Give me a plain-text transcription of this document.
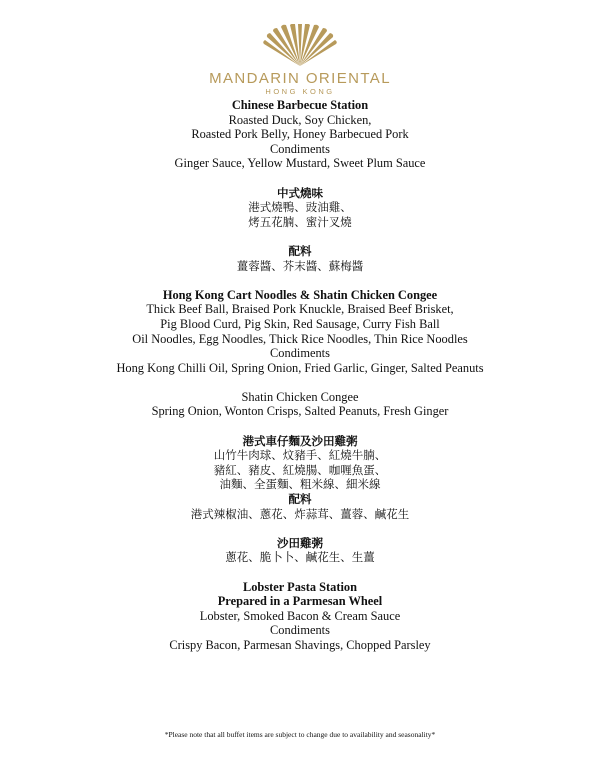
MANDARIN ORIENTAL
HONG KONG
Chinese Barbecue Station
Roasted Duck, Soy Chicken,
Roasted Pork Belly, Honey Barbecued Pork
Condiments
Ginger Sauce, Yellow Mustard, Sweet Plum Sauce
中式燒味
港式燒鴨、豉油雞、
烤五花腩、蜜汁叉燒
配料
薑蓉醬、芥末醬、蘇梅醬
Hong Kong Cart Noodles & Shatin Chicken Congee
Thick Beef Ball, Braised Pork Knuckle, Braised Beef Brisket,
Pig Blood Curd, Pig Skin, Red Sausage, Curry Fish Ball
Oil Noodles, Egg Noodles, Thick Rice Noodles, Thin Rice Noodles
Condiments
Hong Kong Chilli Oil, Spring Onion, Fried Garlic, Ginger, Salted Peanuts
Shatin Chicken Congee
Spring Onion, Wonton Crisps, Salted Peanuts, Fresh Ginger
港式車仔麵及沙田雞粥
山竹牛肉球、炆豬手、紅燒牛腩、
豬紅、豬皮、紅燒腸、咖喱魚蛋、
油麵、全蛋麵、粗米線、細米線
配料
港式辣椒油、蔥花、炸蒜茸、薑蓉、鹹花生
沙田雞粥
蔥花、脆卜卜、鹹花生、生薑
Lobster Pasta Station
Prepared in a Parmesan Wheel
Lobster, Smoked Bacon & Cream Sauce
Condiments
Crispy Bacon, Parmesan Shavings, Chopped Parsley
*Please note that all buffet items are subject to change due to availability and seasonality*
